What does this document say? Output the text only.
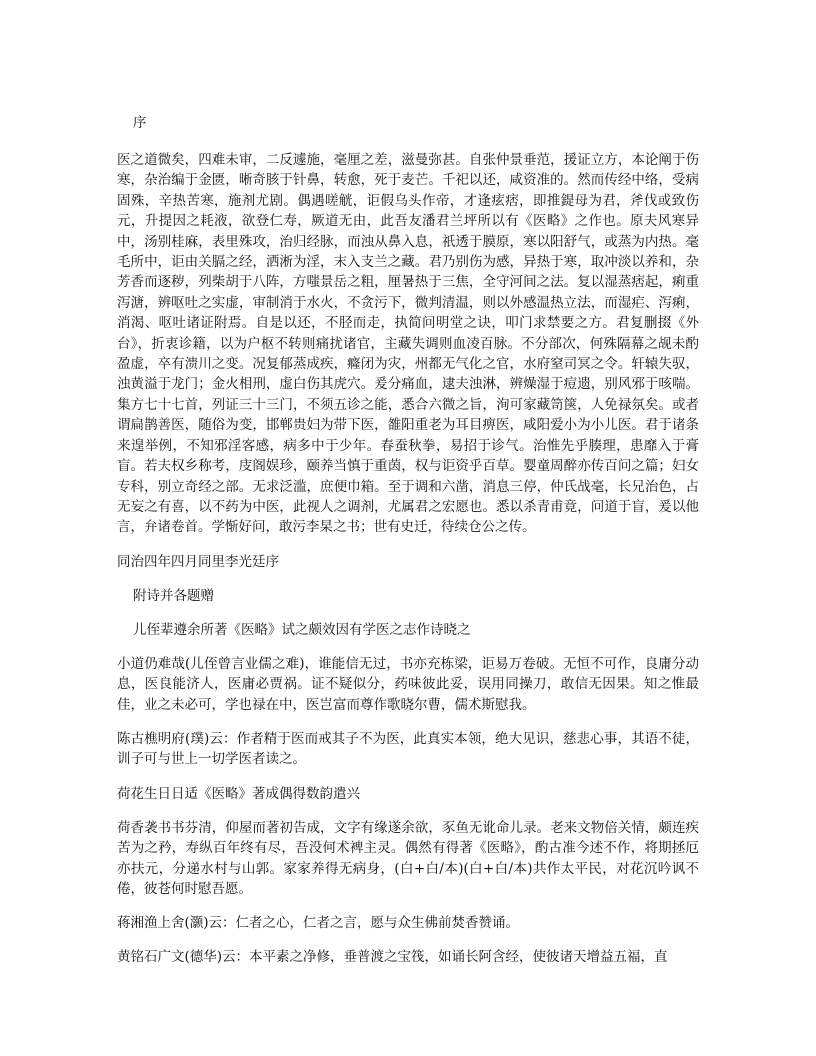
序

医之道微矣，四难未审，二反遽施，毫厘之差，滋曼弥甚。自张仲景垂范，援证立方，本论阐于伤寒，杂治编于金匮，晰奇胲于针鼻，转愈，死于麦芒。千祀以还，咸资准的。然而传经中络，受病固殊，辛热苦寒，施剂尤剧。偶遇嗟觥，讵假乌头作帝，才逢痃痞，即推鍉母为君，斧伐或致伤元，升提因之耗液，欲登仁寿，厥道无由，此吾友潘君兰坪所以有《医略》之作也。原夫风寒异中，汤别桂麻，表里殊攻，治归经脉，而浊从鼻入息，祇透于膜原，寒以阳舒气，或蒸为内热。毫毛所中，讵由关膈之经，洒淅为淫，末入支兰之藏。君乃别伤为感，异热于寒，取冲淡以养和，杂芳香而逐秽，列柴胡于八阵，方嗤景岳之粗，厘暑热于三焦，全守河间之法。复以湿蒸痞起，痢重泻溏，辨呕吐之实虚，审制消于水火，不贪污下，微判清温，则以外感温热立法，而湿疟、泻痢，消渴、呕吐诸证附焉。自是以还，不胫而走，执简问明堂之诀，叩门求禁要之方。君复删掇《外台》，折衷诊籍，以为户枢不转则痛扰诸官，主藏失调则血凌百脉。不分部次，何殊隔幕之觇未酌盈虚，卒有溃川之变。况复郁蒸成疾，癃闭为灾，州都无气化之官，水府窒司冥之令。轩辕失驭，浊黄溢于龙门；金火相刑，虚白伤其虎穴。爰分痛血，逮夫浊淋，辨燥湿于痘遗，别风邪于咳喘。集方七十七首，列证三十三门，不须五诊之能，悉合六微之旨，洵可家藏笥箧，人免禄氛矣。或者谓扁鹊善医，随俗为变，邯郸贵妇为带下医，雒阳重老为耳目痹医，咸阳爱小为小儿医。君于诸条来遑举例，不知邪淫客感，病多中于少年。春蚕秋拳，易招于诊气。治惟先乎腠理，患靡入于膏盲。若夫权乡称考，庋阁娱珍，颐养当慎于重茵，权与讵资乎百草。婴童周醉亦传百问之篇；妇女专科，别立奇经之部。无求泛滥，庶便巾箱。至于调和六凿，消息三停，仲氏战毫，长兄治色，占无妄之有喜，以不药为中医，此视人之调剂，尤属君之宏愿也。悉以杀青甫竟，问道于盲，爰以他言，弁诸卷首。学惭好问，敢污李杲之书；世有史迁，待续仓公之传。

同治四年四月同里李光廷序
附诗并各题赠
儿侄辈遵余所著《医略》试之颇效因有学医之志作诗晓之

小道仍难哉(儿侄曾言业儒之难)，谁能信无过，书亦充栋梁，讵易万卷破。无恒不可作，良庸分动息，医良能济人，医庸必贾祸。证不疑似分，药味彼此妥，误用同操刀，敢信无因果。知之惟最佳，业之未必可，学也禄在中，医岂富而尊作歌晓尔曹，儒术斯慰我。

陈古樵明府(璞)云：作者精于医而戒其子不为医，此真实本领，绝大见识，慈悲心事，其语不徒，训子可与世上一切学医者读之。

荷花生日日适《医略》著成偶得数韵遣兴

荷香袭书书芬清，仰屋而著初告成，文字有缘遂余欲，豕鱼无讹命儿录。老来文物倍关情，颇连疾苦为之矜，寿纵百年终有尽，吾没何术裨主灵。偶然有得著《医略》，酌古准今述不作，将期拯厄亦扶元，分递水村与山郭。家家养得无病身，(白+白/本)(白+白/本)共作太平民，对花沉吟讽不倦，彼苍何时慰吾愿。

蒋湘渔上舍(灏)云：仁者之心，仁者之言，愿与众生佛前焚香赞诵。
黄铭石广文(德华)云：本平素之净修，垂普渡之宝筏，如诵长阿含经，使彼诸天增益五福，直
